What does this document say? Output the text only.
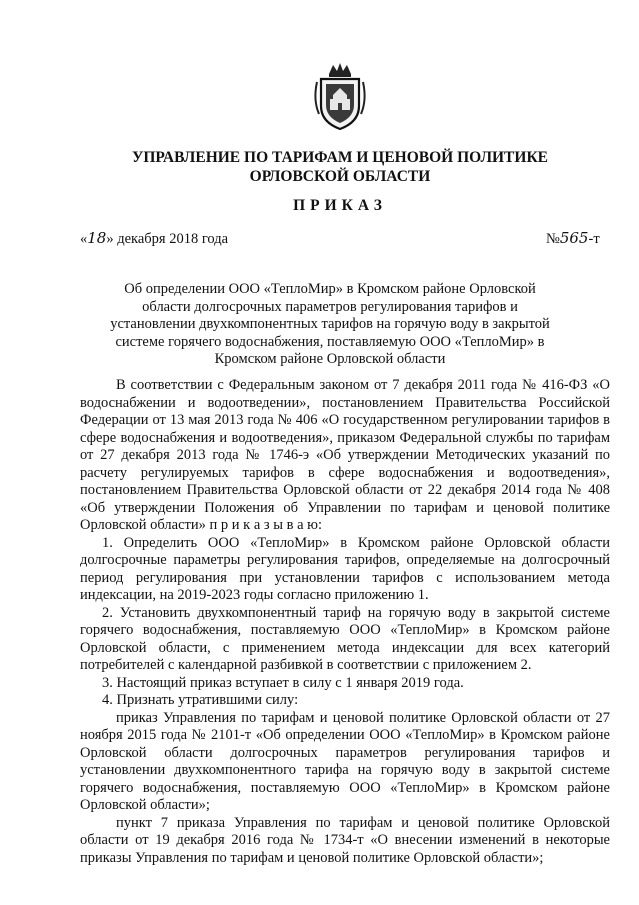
УПРАВЛЕНИЕ ПО ТАРИФАМ И ЦЕНОВОЙ ПОЛИТИКЕ
ОРЛОВСКОЙ ОБЛАСТИ
ПРИКАЗ
«18» декабря 2018 года	№565-т
Об определении ООО «ТеплоМир» в Кромском районе Орловской области долгосрочных параметров регулирования тарифов и установлении двухкомпонентных тарифов на горячую воду в закрытой системе горячего водоснабжения, поставляемую ООО «ТеплоМир» в Кромском районе Орловской области

В соответствии с Федеральным законом от 7 декабря 2011 года № 416-ФЗ «О водоснабжении и водоотведении», постановлением Правительства Российской Федерации от 13 мая 2013 года № 406 «О государственном регулировании тарифов в сфере водоснабжения и водоотведения», приказом Федеральной службы по тарифам от 27 декабря 2013 года № 1746-э «Об утверждении Методических указаний по расчету регулируемых тарифов в сфере водоснабжения и водоотведения», постановлением Правительства Орловской области от 22 декабря 2014 года № 408 «Об утверждении Положения об Управлении по тарифам и ценовой политике Орловской области» п р и к а з ы в а ю:

1. Определить ООО «ТеплоМир» в Кромском районе Орловской области долгосрочные параметры регулирования тарифов, определяемые на долгосрочный период регулирования при установлении тарифов с использованием метода индексации, на 2019-2023 годы согласно приложению 1.

2. Установить двухкомпонентный тариф на горячую воду в закрытой системе горячего водоснабжения, поставляемую ООО «ТеплоМир» в Кромском районе Орловской области, с применением метода индексации для всех категорий потребителей с календарной разбивкой в соответствии с приложением 2.

3. Настоящий приказ вступает в силу с 1 января 2019 года.

4. Признать утратившими силу:

приказ Управления по тарифам и ценовой политике Орловской области от 27 ноября 2015 года № 2101-т «Об определении ООО «ТеплоМир» в Кромском районе Орловской области долгосрочных параметров регулирования тарифов и установлении двухкомпонентного тарифа на горячую воду в закрытой системе горячего водоснабжения, поставляемую ООО «ТеплоМир» в Кромском районе Орловской области»;

пункт 7 приказа Управления по тарифам и ценовой политике Орловской области от 19 декабря 2016 года № 1734-т «О внесении изменений в некоторые приказы Управления по тарифам и ценовой политике Орловской области»;
